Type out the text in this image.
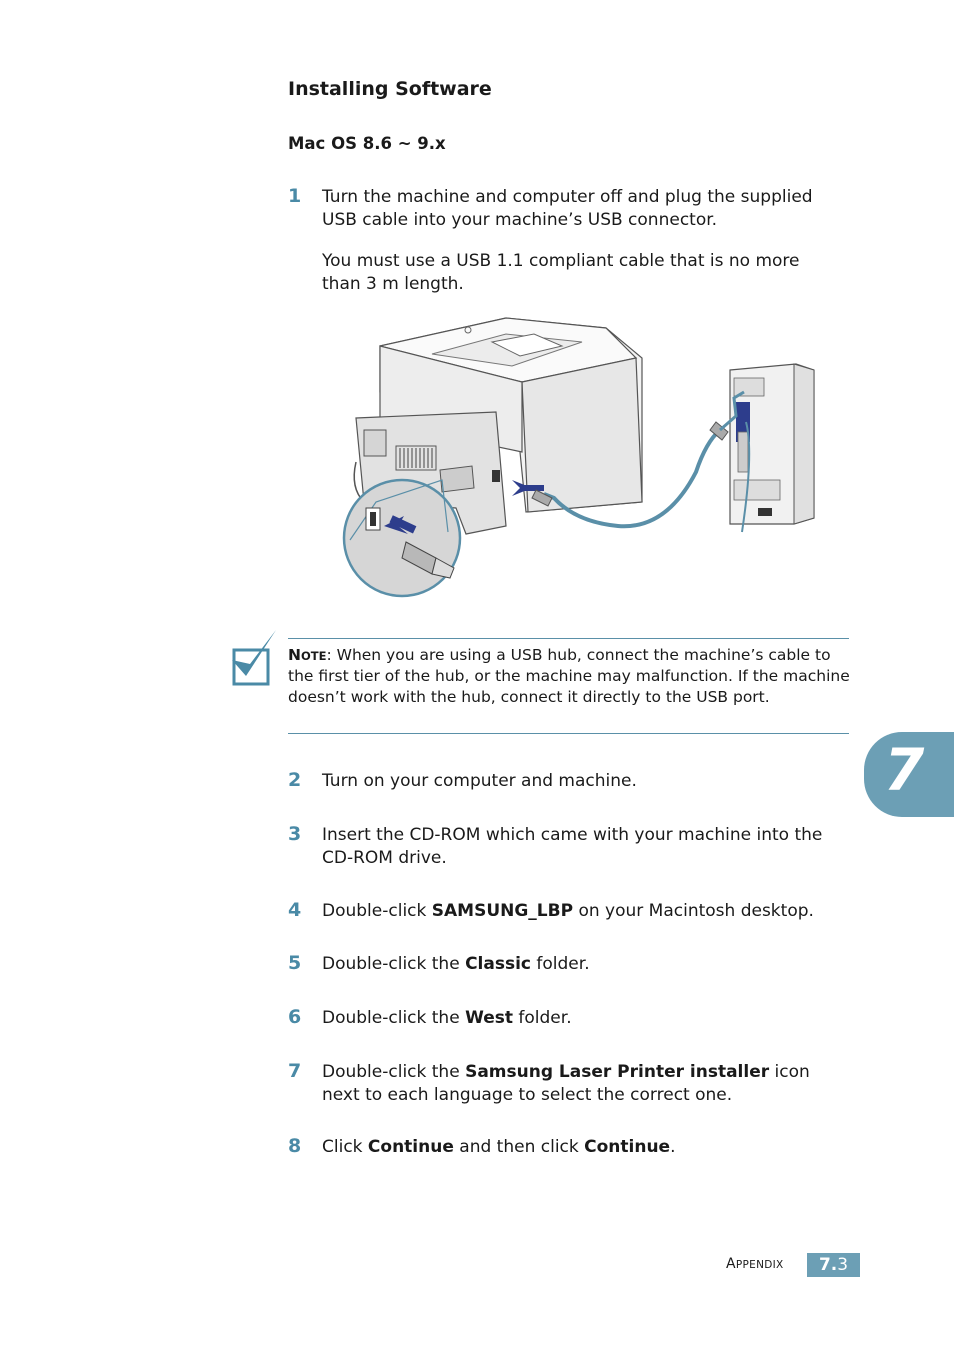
Installing Software
Mac OS 8.6 ~ 9.x
1 Turn the machine and computer off and plug the supplied USB cable into your machine’s USB connector.
You must use a USB 1.1 compliant cable that is no more than 3 m length.
NOTE: When you are using a USB hub, connect the machine’s cable to the first tier of the hub, or the machine may malfunction. If the machine doesn’t work with the hub, connect it directly to the USB port.
2 Turn on your computer and machine.
3 Insert the CD-ROM which came with your machine into the CD-ROM drive.
4 Double-click SAMSUNG_LBP on your Macintosh desktop.
5 Double-click the Classic folder.
6 Double-click the West folder.
7 Double-click the Samsung Laser Printer installer icon next to each language to select the correct one.
8 Click Continue and then click Continue.
7
APPENDIX	7.3
